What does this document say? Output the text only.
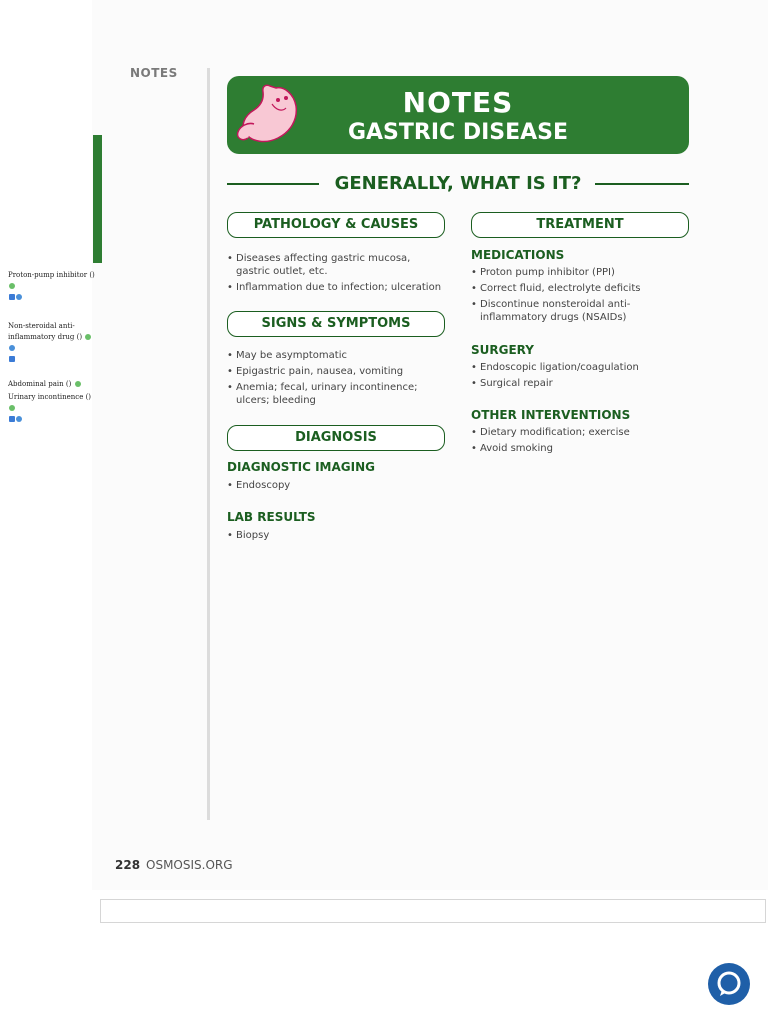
NOTES
Proton-pump inhibitor ()

Non-steroidal anti-inflammatory drug ()

Abdominal pain ()
Urinary incontinence ()

NOTES
GASTRIC DISEASE
GENERALLY, WHAT IS IT?
PATHOLOGY & CAUSES
• Diseases affecting gastric mucosa, gastric outlet, etc.
• Inflammation due to infection; ulceration
SIGNS & SYMPTOMS
• May be asymptomatic
• Epigastric pain, nausea, vomiting
• Anemia; fecal, urinary incontinence; ulcers; bleeding
DIAGNOSIS
DIAGNOSTIC IMAGING
• Endoscopy
LAB RESULTS
• Biopsy
TREATMENT
MEDICATIONS
• Proton pump inhibitor (PPI)
• Correct fluid, electrolyte deficits
• Discontinue nonsteroidal anti-inflammatory drugs (NSAIDs)
SURGERY
• Endoscopic ligation/coagulation
• Surgical repair
OTHER INTERVENTIONS
• Dietary modification; exercise
• Avoid smoking
228 OSMOSIS.ORG
